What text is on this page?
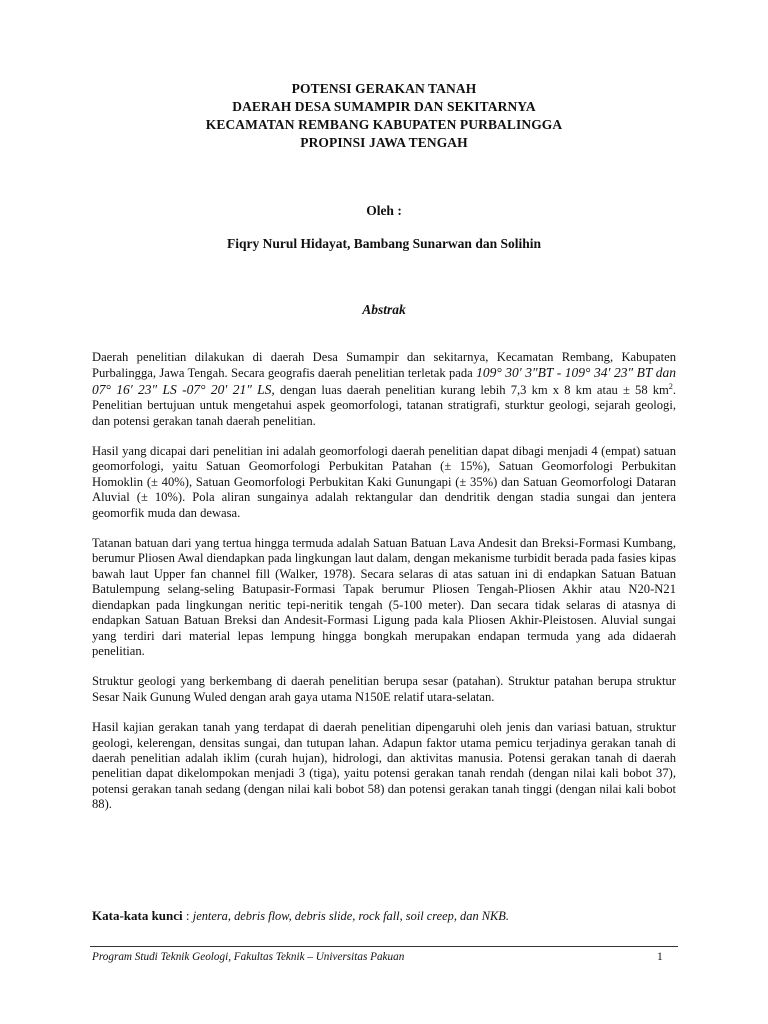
POTENSI GERAKAN TANAH
DAERAH DESA SUMAMPIR DAN SEKITARNYA
KECAMATAN REMBANG KABUPATEN PURBALINGGA
PROPINSI JAWA TENGAH
Oleh :
Fiqry Nurul Hidayat, Bambang Sunarwan dan Solihin
Abstrak

Daerah penelitian dilakukan di daerah Desa Sumampir dan sekitarnya, Kecamatan Rembang, Kabupaten Purbalingga, Jawa Tengah. Secara geografis daerah penelitian terletak pada 109° 30′ 3″BT - 109° 34′ 23″ BT dan 07° 16′ 23″ LS -07° 20′ 21″ LS, dengan luas daerah penelitian kurang lebih 7,3 km x 8 km atau ± 58 $km^2$. Penelitian bertujuan untuk mengetahui aspek geomorfologi, tatanan stratigrafi, sturktur geologi, sejarah geologi, dan potensi gerakan tanah daerah penelitian.

Hasil yang dicapai dari penelitian ini adalah geomorfologi daerah penelitian dapat dibagi menjadi 4 (empat) satuan geomorfologi, yaitu Satuan Geomorfologi Perbukitan Patahan (± 15%), Satuan Geomorfologi Perbukitan Homoklin (± 40%), Satuan Geomorfologi Perbukitan Kaki Gunungapi (± 35%) dan Satuan Geomorfologi Dataran Aluvial (± 10%). Pola aliran sungainya adalah rektangular dan dendritik dengan stadia sungai dan jentera geomorfik muda dan dewasa.

Tatanan batuan dari yang tertua hingga termuda adalah Satuan Batuan Lava Andesit dan Breksi-Formasi Kumbang, berumur Pliosen Awal diendapkan pada lingkungan laut dalam, dengan mekanisme turbidit berada pada fasies kipas bawah laut Upper fan channel fill (Walker, 1978). Secara selaras di atas satuan ini di endapkan Satuan Batuan Batulempung selang-seling Batupasir-Formasi Tapak berumur Pliosen Tengah-Pliosen Akhir atau N20-N21 diendapkan pada lingkungan neritic tepi-neritik tengah (5-100 meter). Dan secara tidak selaras di atasnya di endapkan Satuan Batuan Breksi dan Andesit-Formasi Ligung pada kala Pliosen Akhir-Pleistosen. Aluvial sungai yang terdiri dari material lepas lempung hingga bongkah merupakan endapan termuda yang ada didaerah penelitian.

Struktur geologi yang berkembang di daerah penelitian berupa sesar (patahan). Struktur patahan berupa struktur Sesar Naik Gunung Wuled dengan arah gaya utama N150E relatif utara-selatan.

Hasil kajian gerakan tanah yang terdapat di daerah penelitian dipengaruhi oleh jenis dan variasi batuan, struktur geologi, kelerengan, densitas sungai, dan tutupan lahan. Adapun faktor utama pemicu terjadinya gerakan tanah di daerah penelitian adalah iklim (curah hujan), hidrologi, dan aktivitas manusia. Potensi gerakan tanah di daerah penelitian dapat dikelompokan menjadi 3 (tiga), yaitu potensi gerakan tanah rendah (dengan nilai kali bobot 37), potensi gerakan tanah sedang (dengan nilai kali bobot 58) dan potensi gerakan tanah tinggi (dengan nilai kali bobot 88).

Kata-kata kunci : jentera, debris flow, debris slide, rock fall, soil creep, dan NKB.
Program Studi Teknik Geologi, Fakultas Teknik – Universitas Pakuan	1
